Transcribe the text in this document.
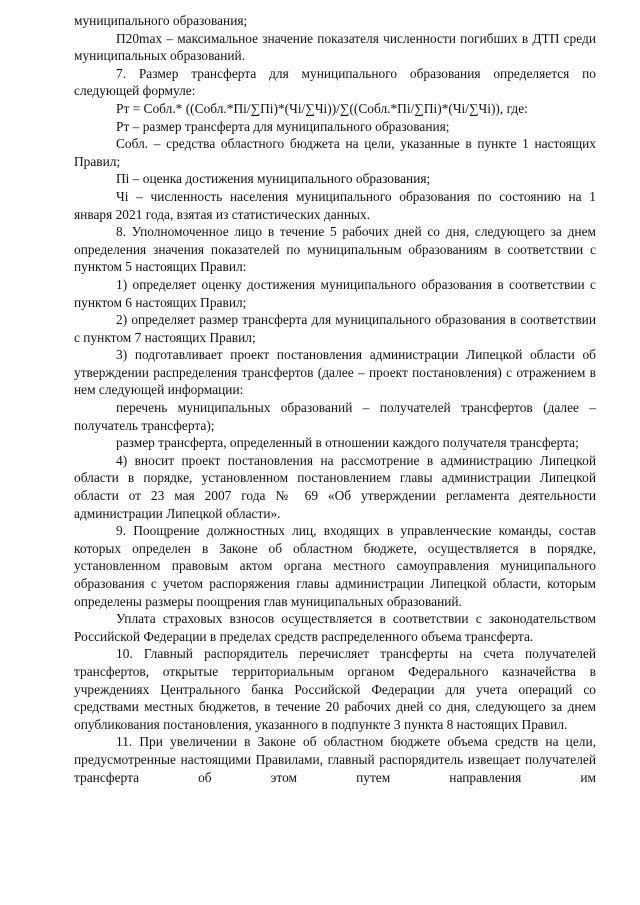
муниципального образования;

П20max – максимальное значение показателя численности погибших в ДТП среди муниципальных образований.

7. Размер трансферта для муниципального образования определяется по следующей формуле:

Рт = Собл.* ((Собл.*Пi/∑Пi)*(Чi/∑Чi))/∑((Собл.*Пi/∑Пi)*(Чi/∑Чi)), где:

Рт – размер трансферта для муниципального образования;

Собл. – средства областного бюджета на цели, указанные в пункте 1 настоящих Правил;

Пi – оценка достижения муниципального образования;

Чi – численность населения муниципального образования по состоянию на 1 января 2021 года, взятая из статистических данных.

8. Уполномоченное лицо в течение 5 рабочих дней со дня, следующего за днем определения значения показателей по муниципальным образованиям в соответствии с пунктом 5 настоящих Правил:

1) определяет оценку достижения муниципального образования в соответствии с пунктом 6 настоящих Правил;

2) определяет размер трансферта для муниципального образования в соответствии с пунктом 7 настоящих Правил;

3) подготавливает проект постановления администрации Липецкой области об утверждении распределения трансфертов (далее – проект постановления) с отражением в нем следующей информации:

перечень муниципальных образований – получателей трансфертов (далее – получатель трансферта);

размер трансферта, определенный в отношении каждого получателя трансферта;

4) вносит проект постановления на рассмотрение в администрацию Липецкой области в порядке, установленном постановлением главы администрации Липецкой области от 23 мая 2007 года № 69 «Об утверждении регламента деятельности администрации Липецкой области».

9. Поощрение должностных лиц, входящих в управленческие команды, состав которых определен в Законе об областном бюджете, осуществляется в порядке, установленном правовым актом органа местного самоуправления муниципального образования с учетом распоряжения главы администрации Липецкой области, которым определены размеры поощрения глав муниципальных образований.

Уплата страховых взносов осуществляется в соответствии с законодательством Российской Федерации в пределах средств распределенного объема трансферта.

10. Главный распорядитель перечисляет трансферты на счета получателей трансфертов, открытые территориальным органом Федерального казначейства в учреждениях Центрального банка Российской Федерации для учета операций со средствами местных бюджетов, в течение 20 рабочих дней со дня, следующего за днем опубликования постановления, указанного в подпункте 3 пункта 8 настоящих Правил.

11. При увеличении в Законе об областном бюджете объема средств на цели, предусмотренные настоящими Правилами, главный распорядитель извещает получателей трансферта об этом путем направления им
